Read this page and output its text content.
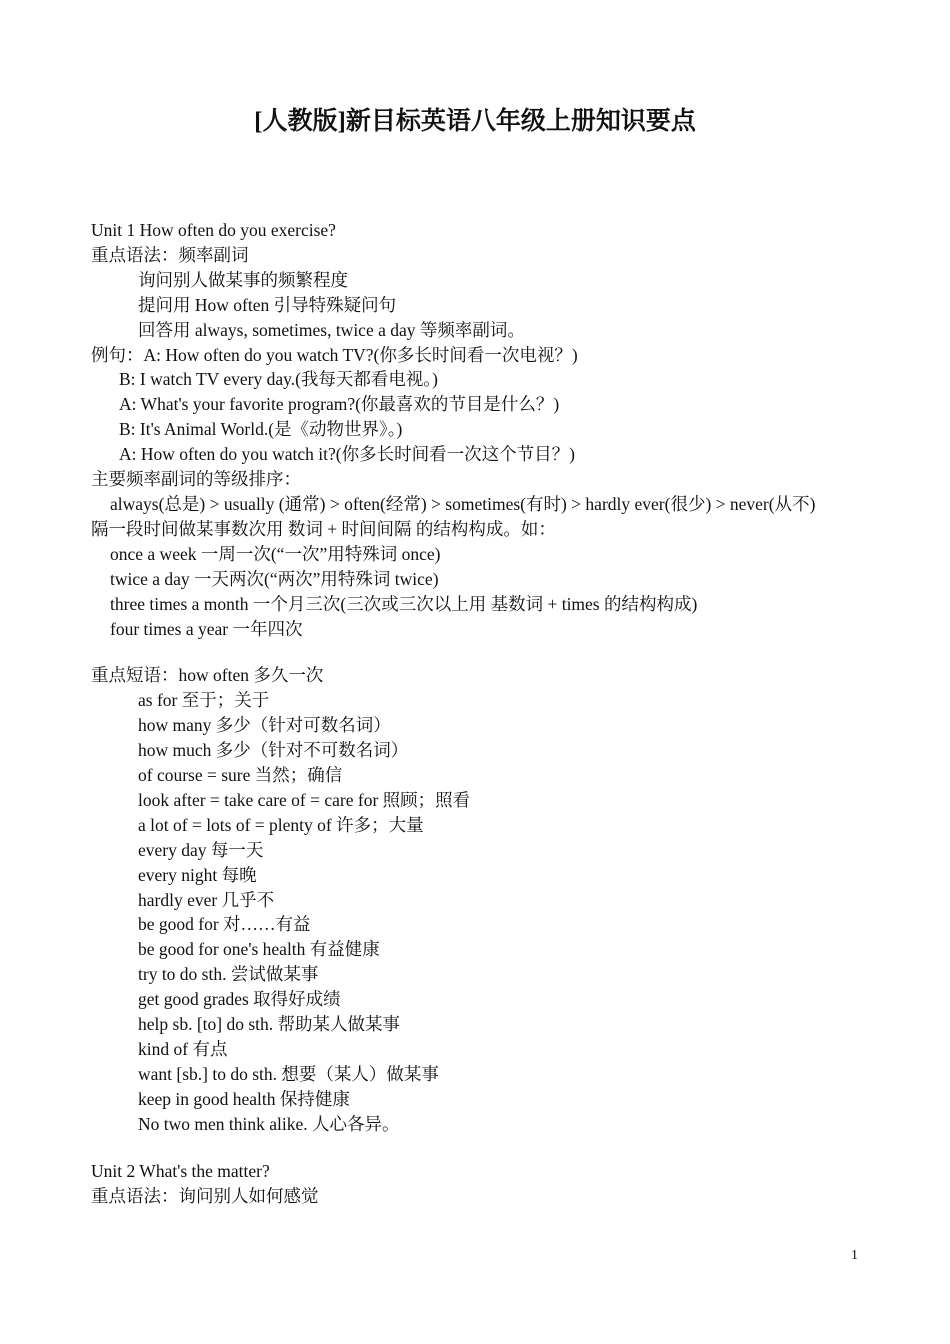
[人教版]新目标英语八年级上册知识要点
Unit 1 How often do you exercise?
重点语法：频率副词
询问别人做某事的频繁程度
提问用 How often 引导特殊疑问句
回答用 always, sometimes, twice a day 等频率副词。
例句：A: How often do you watch TV?(你多长时间看一次电视？)
B: I watch TV every day.(我每天都看电视。)
A: What's your favorite program?(你最喜欢的节目是什么？)
B: It's Animal World.(是《动物世界》。)
A: How often do you watch it?(你多长时间看一次这个节目？)
主要频率副词的等级排序：
always(总是) > usually (通常) > often(经常) > sometimes(有时) > hardly ever(很少) > never(从不)
隔一段时间做某事数次用 数词 + 时间间隔 的结构构成。如：
once a week 一周一次(“一次”用特殊词 once)
twice a day 一天两次(“两次”用特殊词 twice)
three times a month 一个月三次(三次或三次以上用 基数词 + times 的结构构成)
four times a year 一年四次
重点短语：how often 多久一次
as for 至于；关于
how many 多少（针对可数名词）
how much 多少（针对不可数名词）
of course = sure 当然；确信
look after = take care of = care for 照顾；照看
a lot of = lots of = plenty of 许多；大量
every day 每一天
every night 每晚
hardly ever 几乎不
be good for 对……有益
be good for one's health 有益健康
try to do sth. 尝试做某事
get good grades 取得好成绩
help sb. [to] do sth. 帮助某人做某事
kind of 有点
want [sb.] to do sth. 想要（某人）做某事
keep in good health 保持健康
No two men think alike. 人心各异。
Unit 2 What's the matter?
重点语法：询问别人如何感觉
1
